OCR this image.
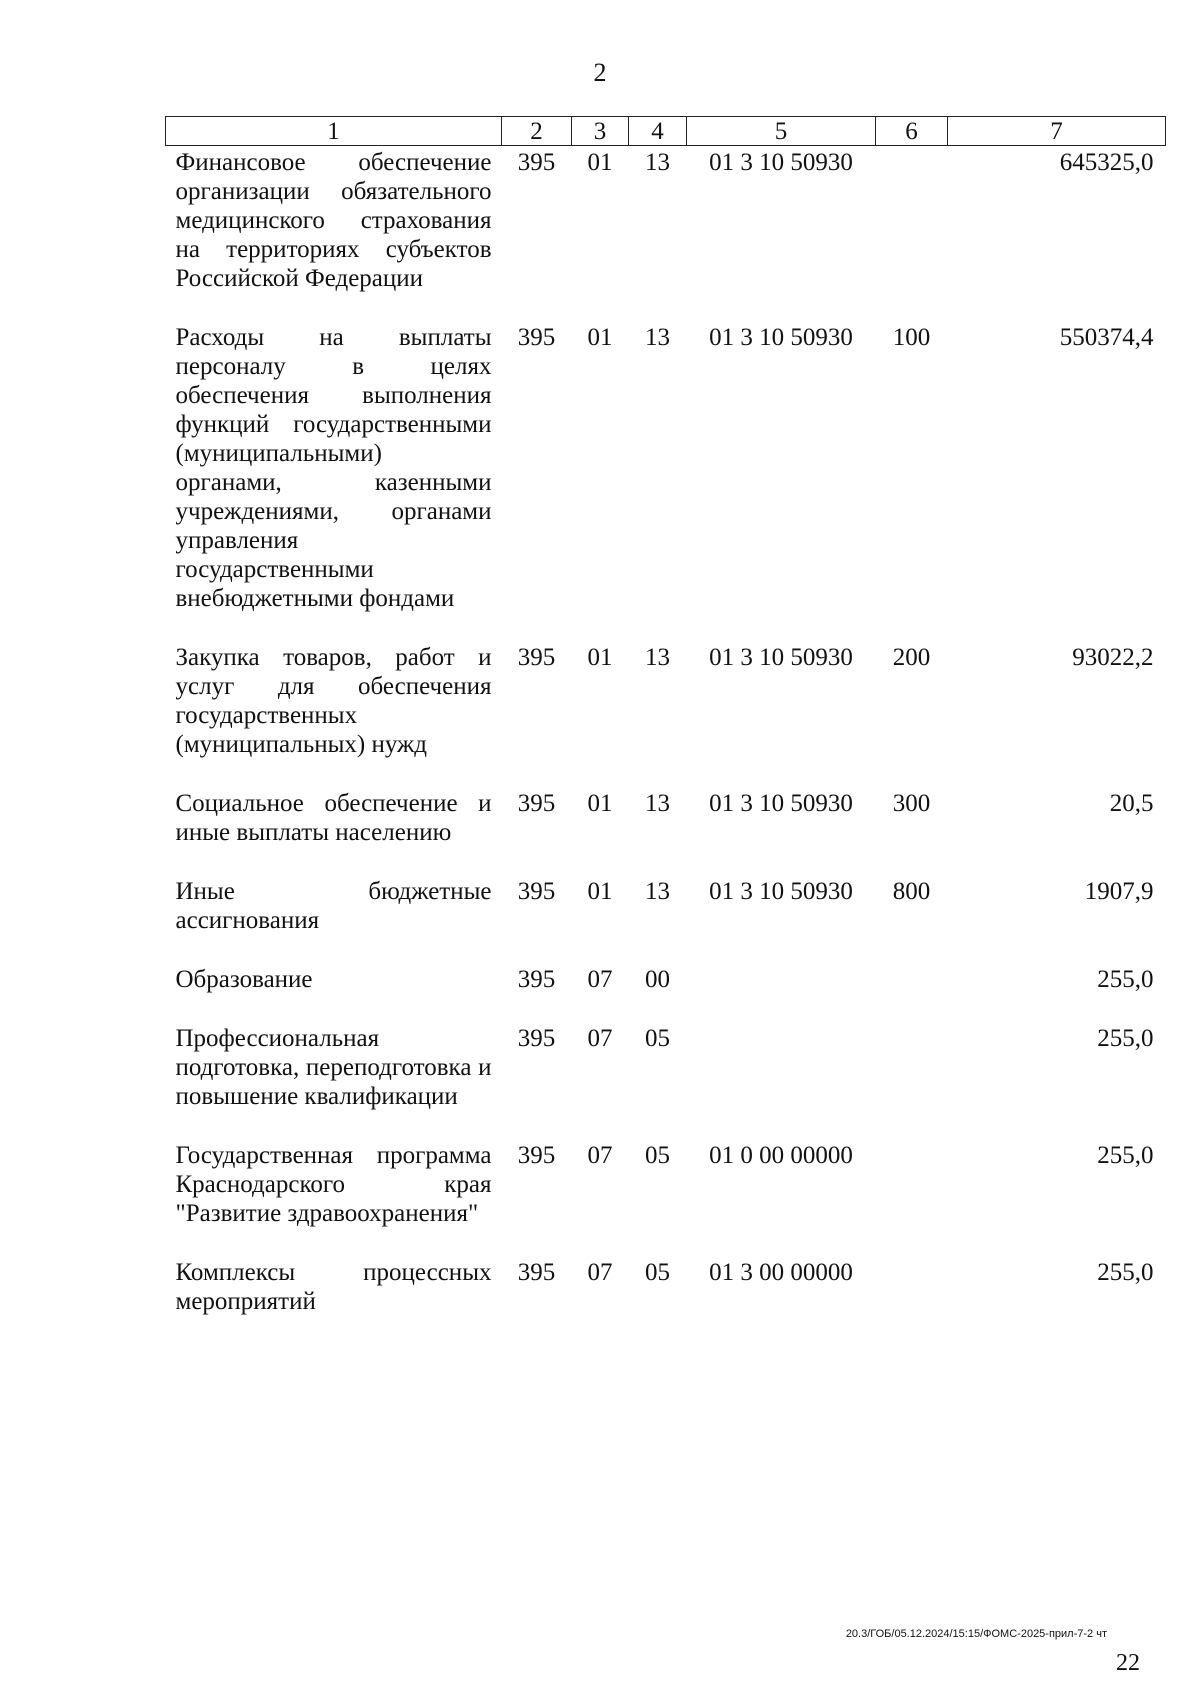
2
1	2	3	4	5	6	7
Финансовое обеспечение организации обязательного медицинского страхования на территориях субъектов Российской Федерации	395	01	13	01 3 10 50930		645325,0
Расходы на выплаты персоналу в целях обеспечения выполнения функций государственными (муниципальными) органами, казенными учреждениями, органами управления государственными внебюджетными фондами	395	01	13	01 3 10 50930	100	550374,4
Закупка товаров, работ и услуг для обеспечения государственных (муниципальных) нужд	395	01	13	01 3 10 50930	200	93022,2
Социальное обеспечение и иные выплаты населению	395	01	13	01 3 10 50930	300	20,5
Иные бюджетные ассигнования	395	01	13	01 3 10 50930	800	1907,9
Образование	395	07	00			255,0
Профессиональная подготовка, переподготовка и повышение квалификации	395	07	05			255,0
Государственная программа Краснодарского края "Развитие здравоохранения"	395	07	05	01 0 00 00000		255,0
Комплексы процессных мероприятий	395	07	05	01 3 00 00000		255,0
20.3/ГОБ/05.12.2024/15:15/ФОМС-2025-прил-7-2 чт
22
